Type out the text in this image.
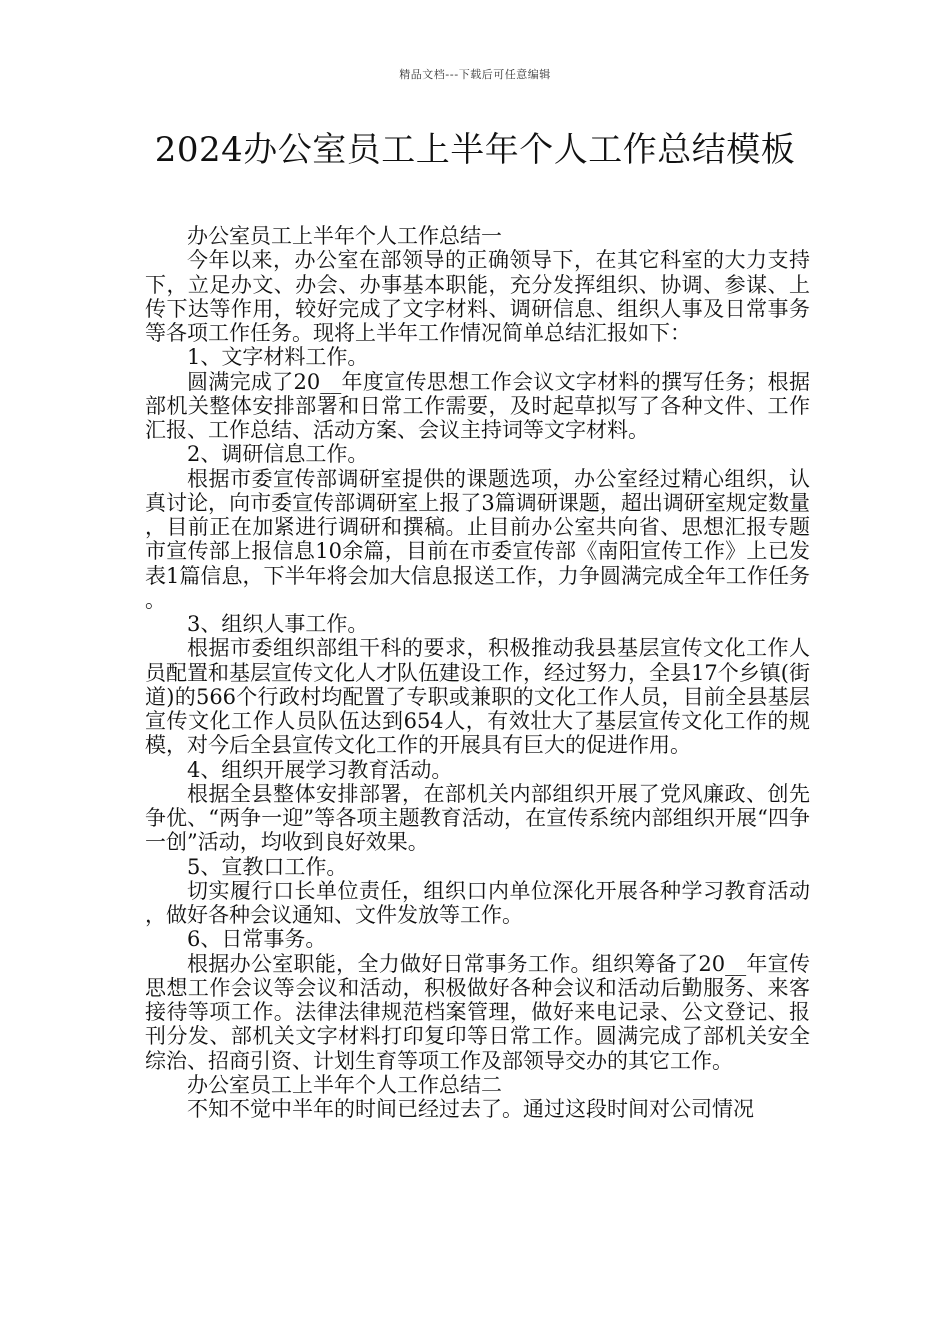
精品文档---下载后可任意编辑
2024办公室员工上半年个人工作总结模板

办公室员工上半年个人工作总结一

今年以来，办公室在部领导的正确领导下，在其它科室的大力支持下，立足办文、办会、办事基本职能，充分发挥组织、协调、参谋、上传下达等作用，较好完成了文字材料、调研信息、组织人事及日常事务等各项工作任务。现将上半年工作情况简单总结汇报如下：

1、文字材料工作。

圆满完成了20__年度宣传思想工作会议文字材料的撰写任务；根据部机关整体安排部署和日常工作需要，及时起草拟写了各种文件、工作汇报、工作总结、活动方案、会议主持词等文字材料。

2、调研信息工作。

根据市委宣传部调研室提供的课题选项，办公室经过精心组织，认真讨论，向市委宣传部调研室上报了3篇调研课题，超出调研室规定数量，目前正在加紧进行调研和撰稿。止目前办公室共向省、思想汇报专题市宣传部上报信息10余篇，目前在市委宣传部《南阳宣传工作》上已发表1篇信息，下半年将会加大信息报送工作，力争圆满完成全年工作任务。

3、组织人事工作。

根据市委组织部组干科的要求，积极推动我县基层宣传文化工作人员配置和基层宣传文化人才队伍建设工作，经过努力，全县17个乡镇(街道)的566个行政村均配置了专职或兼职的文化工作人员，目前全县基层宣传文化工作人员队伍达到654人，有效壮大了基层宣传文化工作的规模，对今后全县宣传文化工作的开展具有巨大的促进作用。

4、组织开展学习教育活动。

根据全县整体安排部署，在部机关内部组织开展了党风廉政、创先争优、“两争一迎”等各项主题教育活动，在宣传系统内部组织开展“四争一创”活动，均收到良好效果。

5、宣教口工作。

切实履行口长单位责任，组织口内单位深化开展各种学习教育活动，做好各种会议通知、文件发放等工作。

6、日常事务。

根据办公室职能，全力做好日常事务工作。组织筹备了20__年宣传思想工作会议等会议和活动，积极做好各种会议和活动后勤服务、来客接待等项工作。法律法律规范档案管理，做好来电记录、公文登记、报刊分发、部机关文字材料打印复印等日常工作。圆满完成了部机关安全综治、招商引资、计划生育等项工作及部领导交办的其它工作。

办公室员工上半年个人工作总结二

不知不觉中半年的时间已经过去了。通过这段时间对公司情况
